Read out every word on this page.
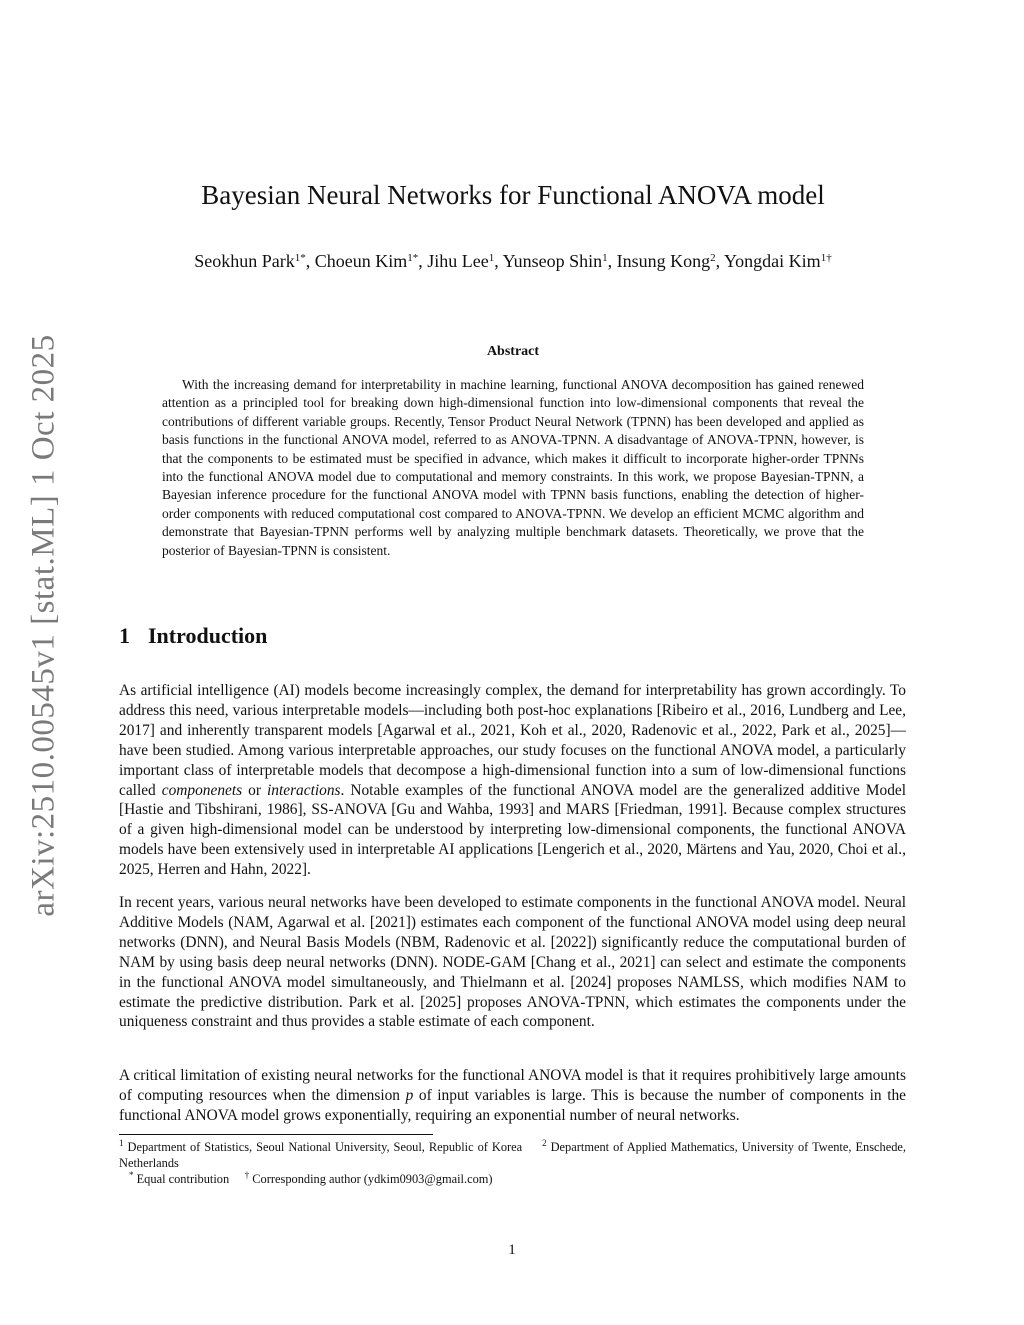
arXiv:2510.00545v1 [stat.ML] 1 Oct 2025
Bayesian Neural Networks for Functional ANOVA model
Seokhun Park$^{1*}$, Choeun Kim$^{1*}$, Jihu Lee$^1$, Yunseop Shin$^1$, Insung Kong$^2$, Yongdai Kim$^{1\dagger}$
Abstract

With the increasing demand for interpretability in machine learning, functional ANOVA decomposition has gained renewed attention as a principled tool for breaking down high-dimensional function into low-dimensional components that reveal the contributions of different variable groups. Recently, Tensor Product Neural Network (TPNN) has been developed and applied as basis functions in the functional ANOVA model, referred to as ANOVA-TPNN. A disadvantage of ANOVA-TPNN, however, is that the components to be estimated must be specified in advance, which makes it difficult to incorporate higher-order TPNNs into the functional ANOVA model due to computational and memory constraints. In this work, we propose Bayesian-TPNN, a Bayesian inference procedure for the functional ANOVA model with TPNN basis functions, enabling the detection of higher-order components with reduced computational cost compared to ANOVA-TPNN. We develop an efficient MCMC algorithm and demonstrate that Bayesian-TPNN performs well by analyzing multiple benchmark datasets. Theoretically, we prove that the posterior of Bayesian-TPNN is consistent.

1 Introduction

As artificial intelligence (AI) models become increasingly complex, the demand for interpretability has grown accordingly. To address this need, various interpretable models—including both post-hoc explanations [Ribeiro et al., 2016, Lundberg and Lee, 2017] and inherently transparent models [Agarwal et al., 2021, Koh et al., 2020, Radenovic et al., 2022, Park et al., 2025]—have been studied. Among various interpretable approaches, our study focuses on the functional ANOVA model, a particularly important class of interpretable models that decompose a high-dimensional function into a sum of low-dimensional functions called componenets or interactions. Notable examples of the functional ANOVA model are the generalized additive Model [Hastie and Tibshirani, 1986], SS-ANOVA [Gu and Wahba, 1993] and MARS [Friedman, 1991]. Because complex structures of a given high-dimensional model can be understood by interpreting low-dimensional components, the functional ANOVA models have been extensively used in interpretable AI applications [Lengerich et al., 2020, Märtens and Yau, 2020, Choi et al., 2025, Herren and Hahn, 2022].

In recent years, various neural networks have been developed to estimate components in the functional ANOVA model. Neural Additive Models (NAM, Agarwal et al. [2021]) estimates each component of the functional ANOVA model using deep neural networks (DNN), and Neural Basis Models (NBM, Radenovic et al. [2022]) significantly reduce the computational burden of NAM by using basis deep neural networks (DNN). NODE-GAM [Chang et al., 2021] can select and estimate the components in the functional ANOVA model simultaneously, and Thielmann et al. [2024] proposes NAMLSS, which modifies NAM to estimate the predictive distribution. Park et al. [2025] proposes ANOVA-TPNN, which estimates the components under the uniqueness constraint and thus provides a stable estimate of each component.

A critical limitation of existing neural networks for the functional ANOVA model is that it requires prohibitively large amounts of computing resources when the dimension p of input variables is large. This is because the number of components in the functional ANOVA model grows exponentially, requiring an exponential number of neural networks.

$^1$ Department of Statistics, Seoul National University, Seoul, Republic of Korea $^2$ Department of Applied Mathematics, University of Twente, Enschede, Netherlands
* Equal contribution † Corresponding author (ydkim0903@gmail.com)

1
